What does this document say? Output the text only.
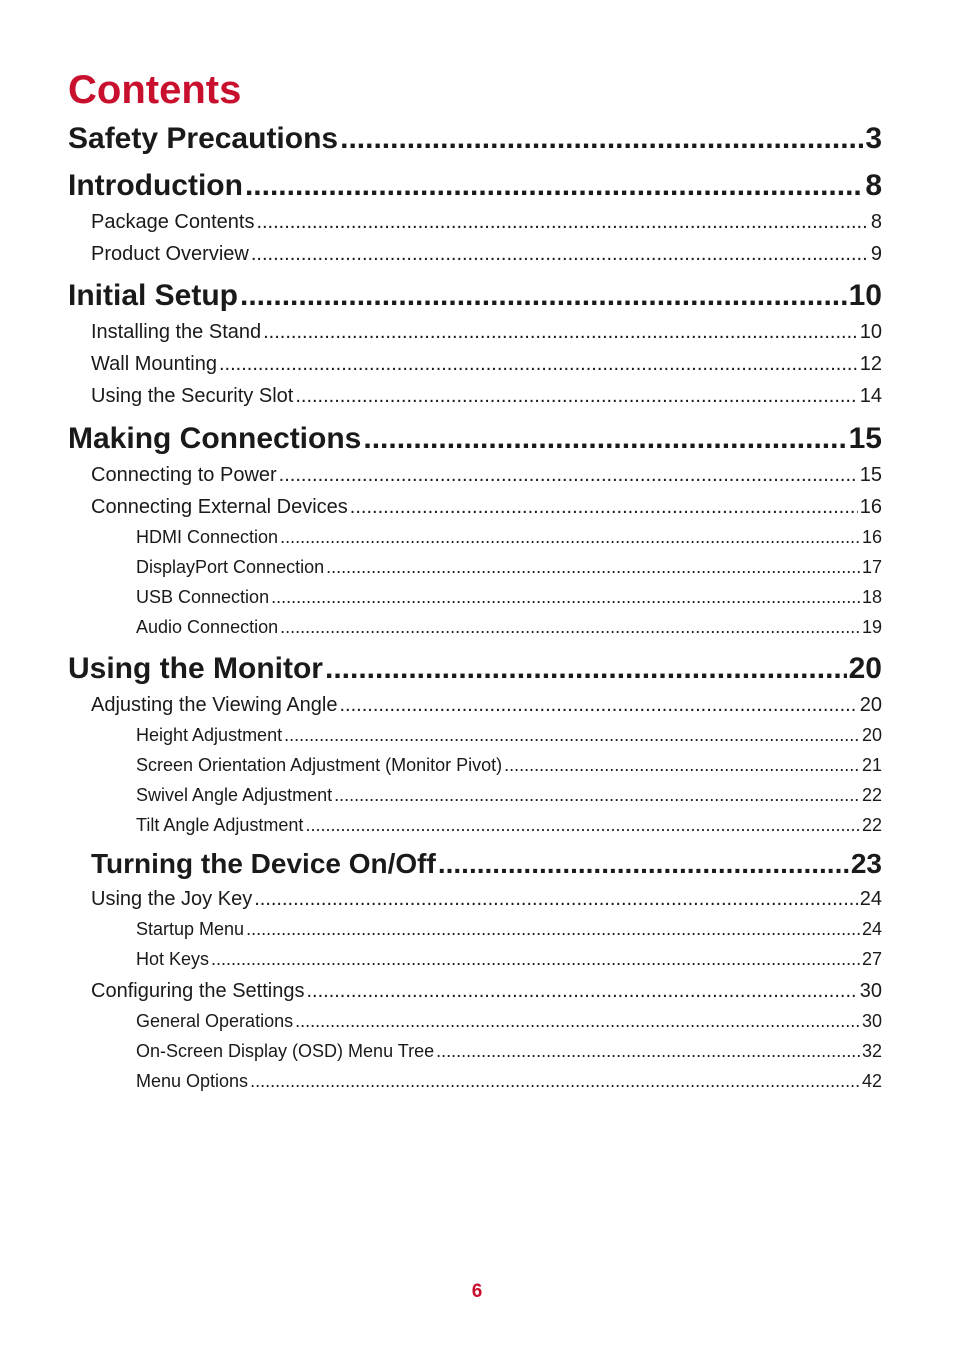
Contents
Safety Precautions .....	3
Introduction .....	8
Package Contents .....	8
Product Overview .....	9
Initial Setup .....	10
Installing the Stand .....	10
Wall Mounting .....	12
Using the Security Slot .....	14
Making Connections .....	15
Connecting to Power .....	15
Connecting External Devices .....	16
HDMI Connection .....	16
DisplayPort Connection .....	17
USB Connection .....	18
Audio Connection .....	19
Using the Monitor .....	20
Adjusting the Viewing Angle .....	20
Height Adjustment .....	20
Screen Orientation Adjustment (Monitor Pivot) .....	21
Swivel Angle Adjustment .....	22
Tilt Angle Adjustment .....	22
Turning the Device On/Off .....	23
Using the Joy Key .....	24
Startup Menu .....	24
Hot Keys .....	27
Configuring the Settings .....	30
General Operations .....	30
On-Screen Display (OSD) Menu Tree .....	32
Menu Options .....	42
6
